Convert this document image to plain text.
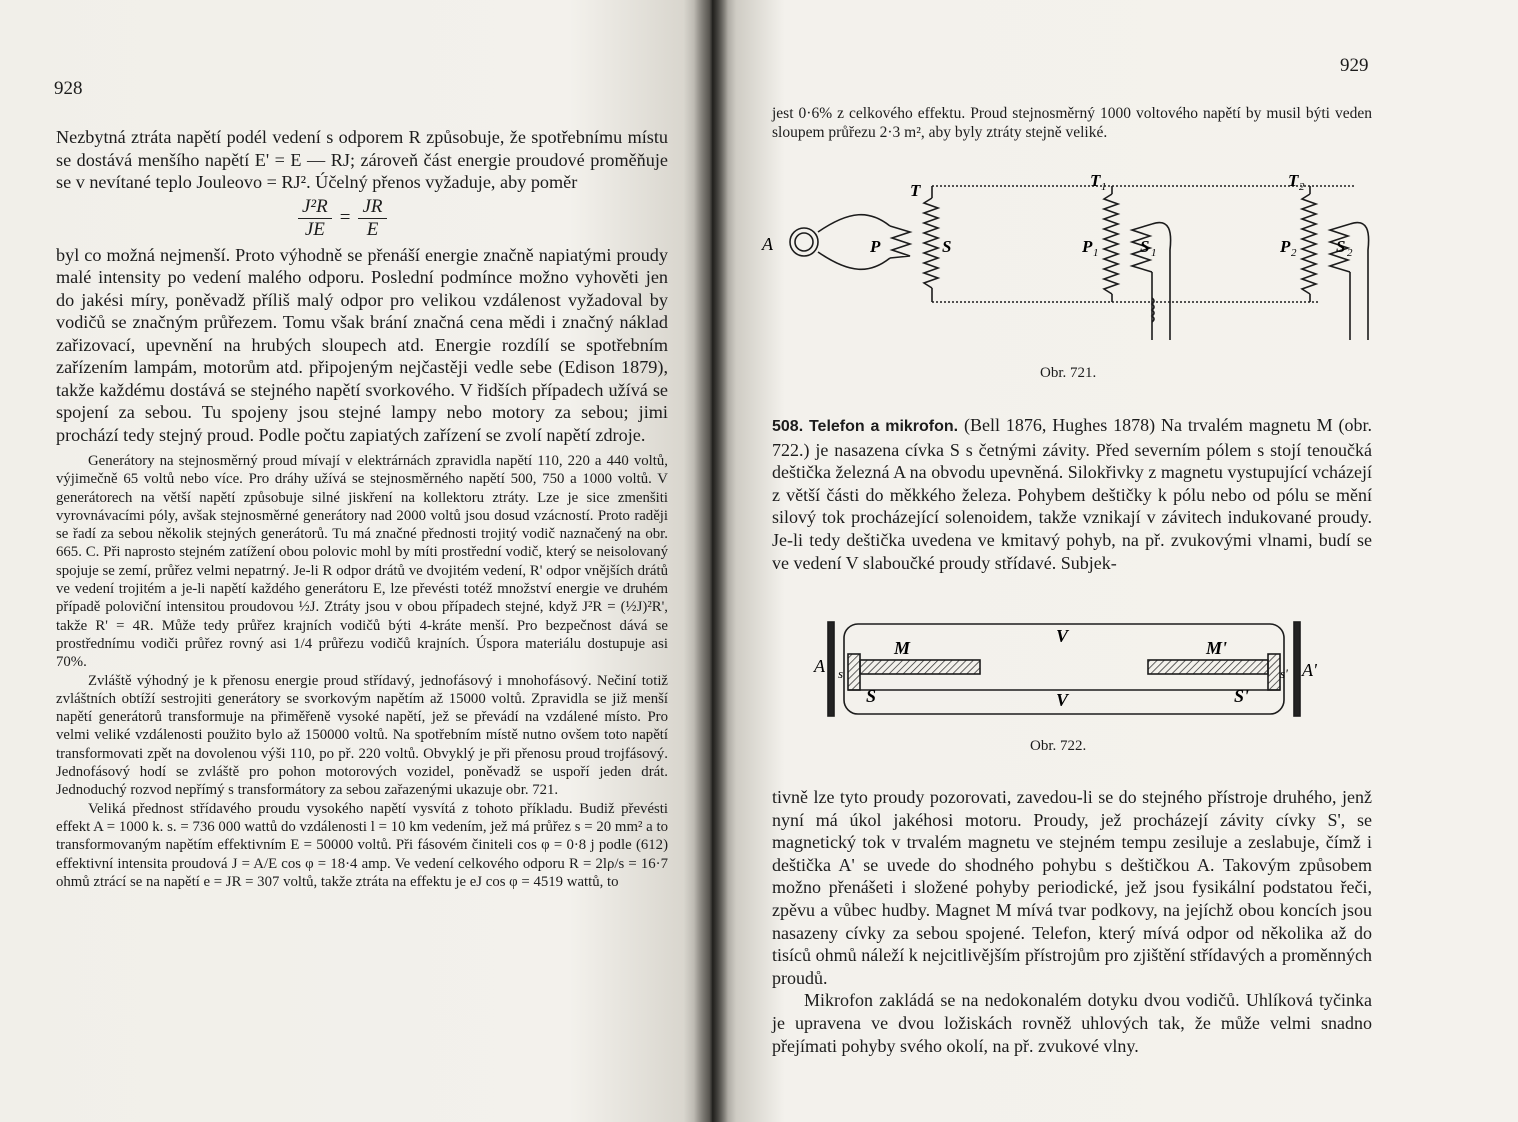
928

Nezbytná ztráta napětí podél vedení s odporem R způsobuje, že spotřebnímu místu se dostává menšího napětí E' = E — RJ; zároveň část energie proudové proměňuje se v nevítané teplo Jouleovo = RJ². Účelný přenos vyžaduje, aby poměr

$\frac{\text{J²R}}{JE} = \frac{JR}{E}$

byl co možná nejmenší. Proto výhodně se přenáší energie značně napiatými proudy malé intensity po vedení malého odporu. Poslední podmínce možno vyhověti jen do jakési míry, poněvadž příliš malý odpor pro velikou vzdálenost vyžadoval by vodičů se značným průřezem. Tomu však brání značná cena mědi i značný náklad zařizovací, upevnění na hrubých sloupech atd. Energie rozdílí se spotřebním zařízením lampám, motorům atd. připojeným nejčastěji vedle sebe (Edison 1879), takže každému dostává se stejného napětí svorkového. V řidších případech užívá se spojení za sebou. Tu spojeny jsou stejné lampy nebo motory za sebou; jimi prochází tedy stejný proud. Podle počtu zapiatých zařízení se zvolí napětí zdroje.

Generátory na stejnosměrný proud mívají v elektrárnách zpravidla napětí 110, 220 a 440 voltů, výjimečně 65 voltů nebo více. Pro dráhy užívá se stejnosměrného napětí 500, 750 a 1000 voltů. V generátorech na větší napětí způsobuje silné jiskření na kollektoru ztráty. Lze je sice zmenšiti vyrovnávacími póly, avšak stejnosměrné generátory nad 2000 voltů jsou dosud vzácností. Proto raději se řadí za sebou několik stejných generátorů. Tu má značné přednosti trojitý vodič naznačený na obr. 665. C. Při naprosto stejném zatížení obou polovic mohl by míti prostřední vodič, který se neisolovaný spojuje se zemí, průřez velmi nepatrný. Je-li R odpor drátů ve dvojitém vedení, R' odpor vnějších drátů ve vedení trojitém a je-li napětí každého generátoru E, lze převésti totéž množství energie ve druhém případě poloviční intensitou proudovou ½J. Ztráty jsou v obou případech stejné, když J²R = (½J)²R', takže R' = 4R. Může tedy průřez krajních vodičů býti 4-kráte menší. Pro bezpečnost dává se prostřednímu vodiči průřez rovný asi 1/4 průřezu vodičů krajních. Úspora materiálu dostupuje asi 70%.

Zvláště výhodný je k přenosu energie proud střídavý, jednofásový i mnohofásový. Nečiní totiž zvláštních obtíží sestrojiti generátory se svorkovým napětím až 15000 voltů. Zpravidla se již menší napětí generátorů transformuje na přiměřeně vysoké napětí, jež se převádí na vzdálené místo. Pro velmi veliké vzdálenosti použito bylo až 150000 voltů. Na spotřebním místě nutno ovšem toto napětí transformovati zpět na dovolenou výši 110, po př. 220 voltů. Obvyklý je při přenosu proud trojfásový. Jednofásový hodí se zvláště pro pohon motorových vozidel, poněvadž se uspoří jeden drát. Jednoduchý rozvod nepřímý s transformátory za sebou zařazenými ukazuje obr. 721.

Veliká přednost střídavého proudu vysokého napětí vysvítá z tohoto příkladu. Budiž převésti effekt A = 1000 k. s. = 736 000 wattů do vzdálenosti l = 10 km vedením, jež má průřez s = 20 mm² a to transformovaným napětím effektivním E = 50000 voltů. Při fásovém činiteli cos φ = 0·8 j podle (612) effektivní intensita proudová J = A/E cos φ = 18·4 amp. Ve vedení celkového odporu R = 2lρ/s = 16·7 ohmů ztrácí se na napětí e = JR = 307 voltů, takže ztráta na effektu je eJ cos φ = 4519 wattů, to

929

jest 0·6% z celkového effektu. Proud stejnosměrný 1000 voltového napětí by musil býti veden sloupem průřezu 2·3 m², aby byly ztráty stejně veliké.

A	P	S
T
T 1	T 2
P 1 S 1	P 2 S 2
Obr. 721.

508. Telefon a mikrofon. (Bell 1876, Hughes 1878) Na trvalém magnetu M (obr. 722.) je nasazena cívka S s četnými závity. Před severním pólem s stojí tenoučká deštička železná A na obvodu upevněná. Silokřivky z magnetu vystupující vcházejí z větší části do měkkého železa. Pohybem deštičky k pólu nebo od pólu se mění silový tok procházející solenoidem, takže vznikají v závitech indukované proudy. Je-li tedy deštička uvedena ve kmitavý pohyb, na př. zvukovými vlnami, budí se ve vedení V slaboučké proudy střídavé. Subjek-

A
M
S
s
V
V
M'
S'
s' A'
Obr. 722.

tivně lze tyto proudy pozorovati, zavedou-li se do stejného přístroje druhého, jenž nyní má úkol jakéhosi motoru. Proudy, jež procházejí závity cívky S', se magnetický tok v trvalém magnetu ve stejném tempu zesiluje a zeslabuje, čímž i deštička A' se uvede do shodného pohybu s deštičkou A. Takovým způsobem možno přenášeti i složené pohyby periodické, jež jsou fysikální podstatou řeči, zpěvu a vůbec hudby. Magnet M mívá tvar podkovy, na jejíchž obou koncích jsou nasazeny cívky za sebou spojené. Telefon, který mívá odpor od několika až do tisíců ohmů náleží k nejcitlivějším přístrojům pro zjištění střídavých a proměnných proudů.

Mikrofon zakládá se na nedokonalém dotyku dvou vodičů. Uhlíková tyčinka je upravena ve dvou ložiskách rovněž uhlových tak, že může velmi snadno přejímati pohyby svého okolí, na př. zvukové vlny.
